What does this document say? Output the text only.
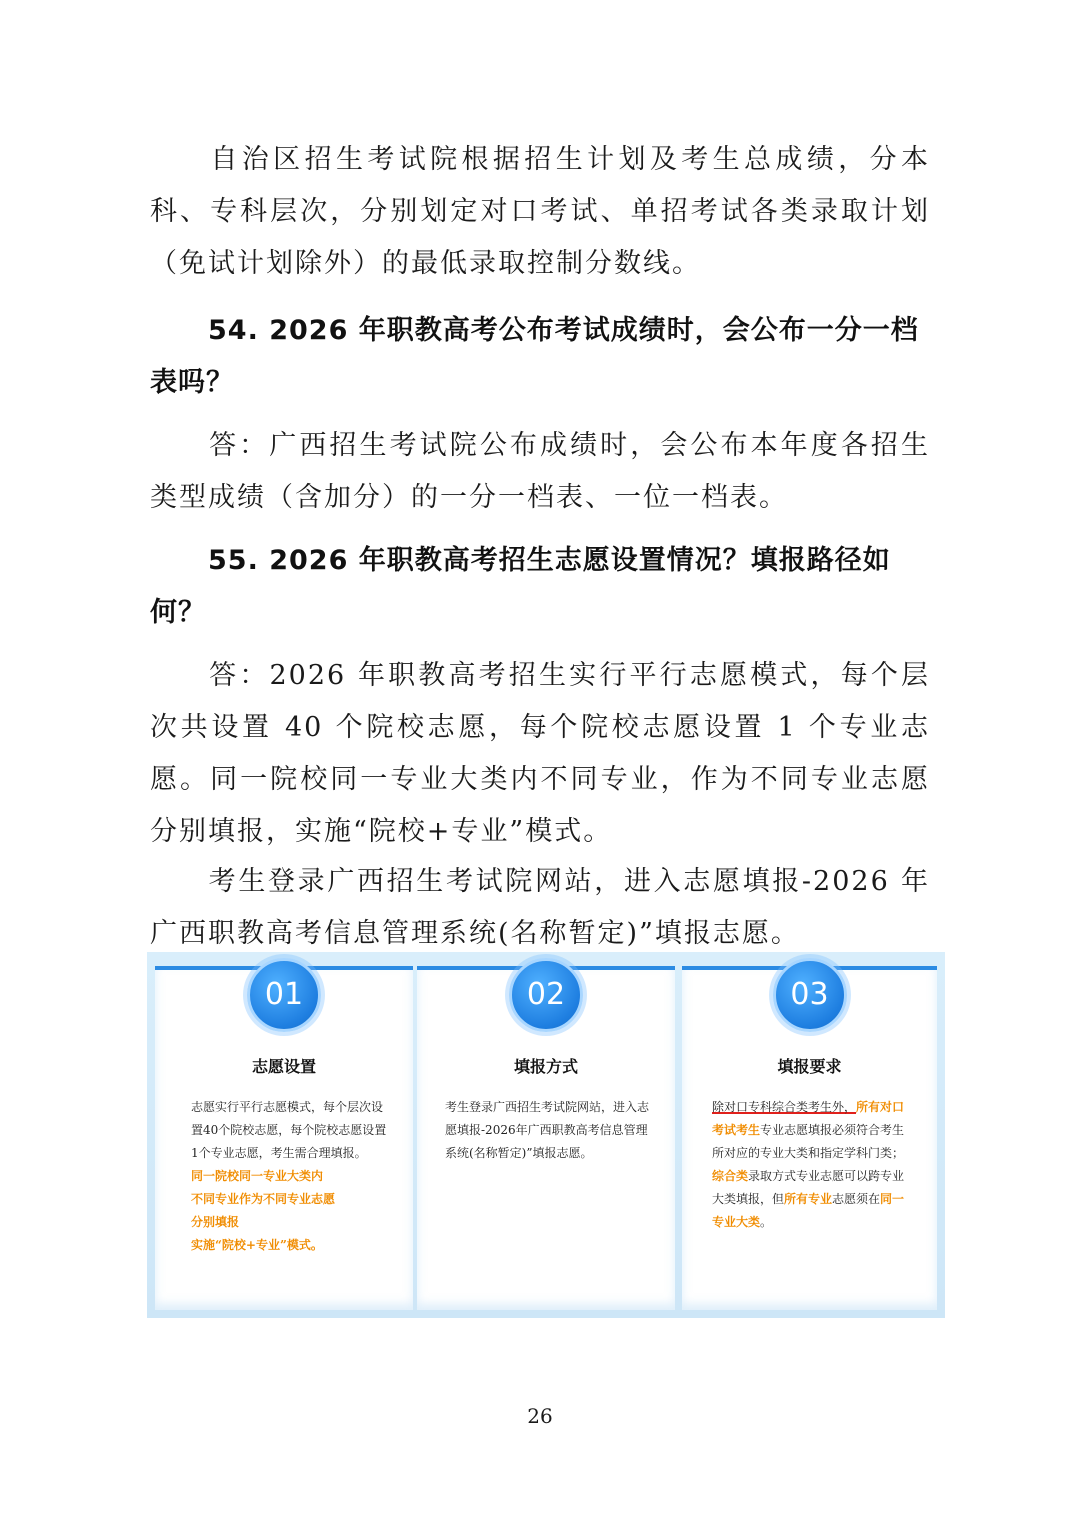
自治区招生考试院根据招生计划及考生总成绩，分本科、专科层次，分别划定对口考试、单招考试各类录取计划（免试计划除外）的最低录取控制分数线。

54. 2026 年职教高考公布考试成绩时，会公布一分一档表吗？

答：广西招生考试院公布成绩时，会公布本年度各招生类型成绩（含加分）的一分一档表、一位一档表。

55. 2026 年职教高考招生志愿设置情况？填报路径如何？

答：2026 年职教高考招生实行平行志愿模式，每个层次共设置 40 个院校志愿，每个院校志愿设置 1 个专业志愿。同一院校同一专业大类内不同专业，作为不同专业志愿分别填报，实施“院校+专业”模式。

考生登录广西招生考试院网站，进入志愿填报-2026 年广西职教高考信息管理系统(名称暂定)”填报志愿。

01
志愿设置
志愿实行平行志愿模式，每个层次设置40个院校志愿，每个院校志愿设置1个专业志愿，考生需合理填报。
同一院校同一专业大类内
不同专业作为不同专业志愿
分别填报
实施“院校+专业”模式。
02
填报方式
考生登录广西招生考试院网站，进入志愿填报-2026年广西职教高考信息管理系统(名称暂定)”填报志愿。
03
填报要求
除对口专科综合类考生外，所有对口考试考生专业志愿填报必须符合考生所对应的专业大类和指定学科门类；综合类录取方式专业志愿可以跨专业大类填报，但所有专业志愿须在同一专业大类。
26
